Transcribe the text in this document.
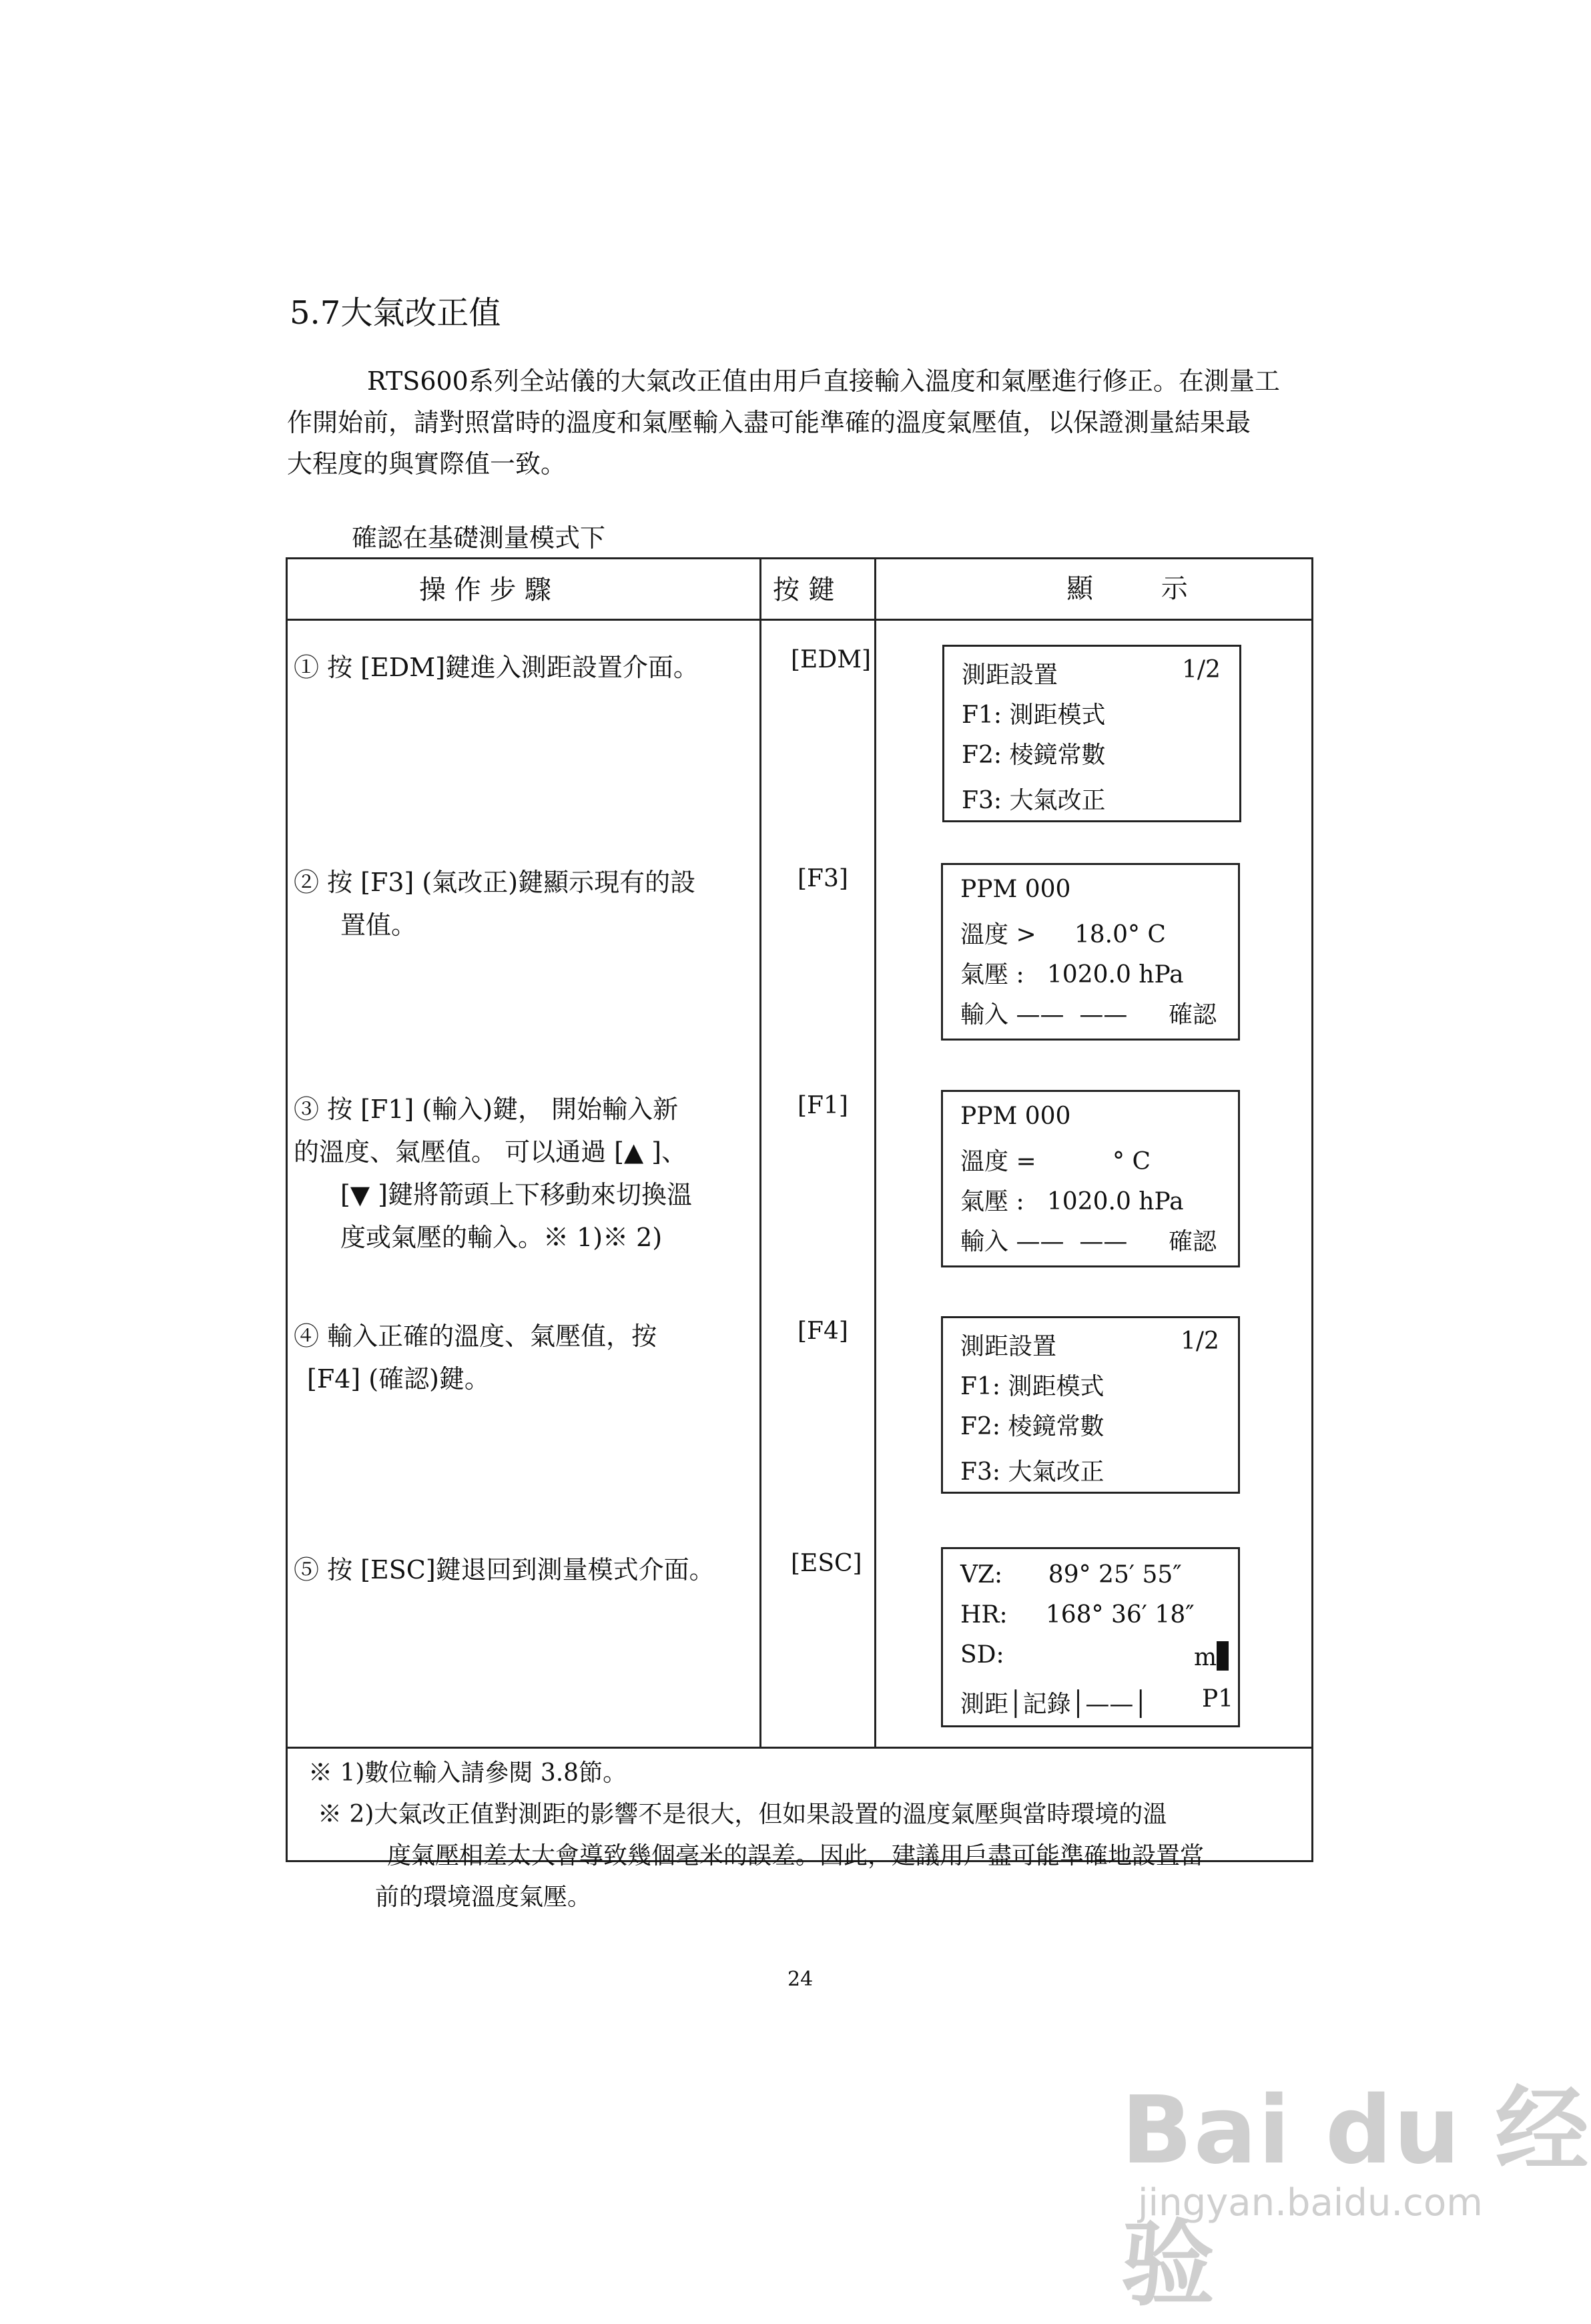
5.7大氣改正值

RTS600系列全站儀的大氣改正值由用戶直接輸入溫度和氣壓進行修正。在測量工

作開始前，請對照當時的溫度和氣壓輸入盡可能準確的溫度氣壓值，以保證測量結果最

大程度的與實際值一致。

確認在基礎測量模式下
操 作 步 驟	按 鍵	顯        示
① 按 [EDM]鍵進入測距設置介面。	[EDM]
測距設置	1/2
F1: 測距模式
F2: 棱鏡常數
F3: 大氣改正
② 按 [F3] (氣改正)鍵顯示現有的設
置值。
[F3]	PPM 000
溫度 >     18.0° C
氣壓 :   1020.0 hPa
輸入 ——  —— 確認
③ 按 [F1] (輸入)鍵， 開始輸入新
的溫度、氣壓值。 可以通過 [▲ ]、
[▼ ]鍵將箭頭上下移動來切換溫
度或氣壓的輸入。※ 1)※ 2)
[F1]	PPM 000
溫度 =          ° C
氣壓 :   1020.0 hPa
輸入 ——  —— 確認
④ 輸入正確的溫度、氣壓值，按
[F4] (確認)鍵。
[F4]
測距設置	1/2
F1: 測距模式
F2: 棱鏡常數
F3: 大氣改正
⑤ 按 [ESC]鍵退回到測量模式介面。	[ESC]	VZ:      89° 25′ 55″
HR:     168° 36′ 18″
SD:	m
測距│記錄│——│ P1
※ 1)數位輸入請參閱 3.8節。
※ 2)大氣改正值對測距的影響不是很大，但如果設置的溫度氣壓與當時環境的溫
度氣壓相差太大會導致幾個毫米的誤差。因此，建議用戶盡可能準確地設置當
前的環境溫度氣壓。
24
Bai du 经验
jingyan.baidu.com
